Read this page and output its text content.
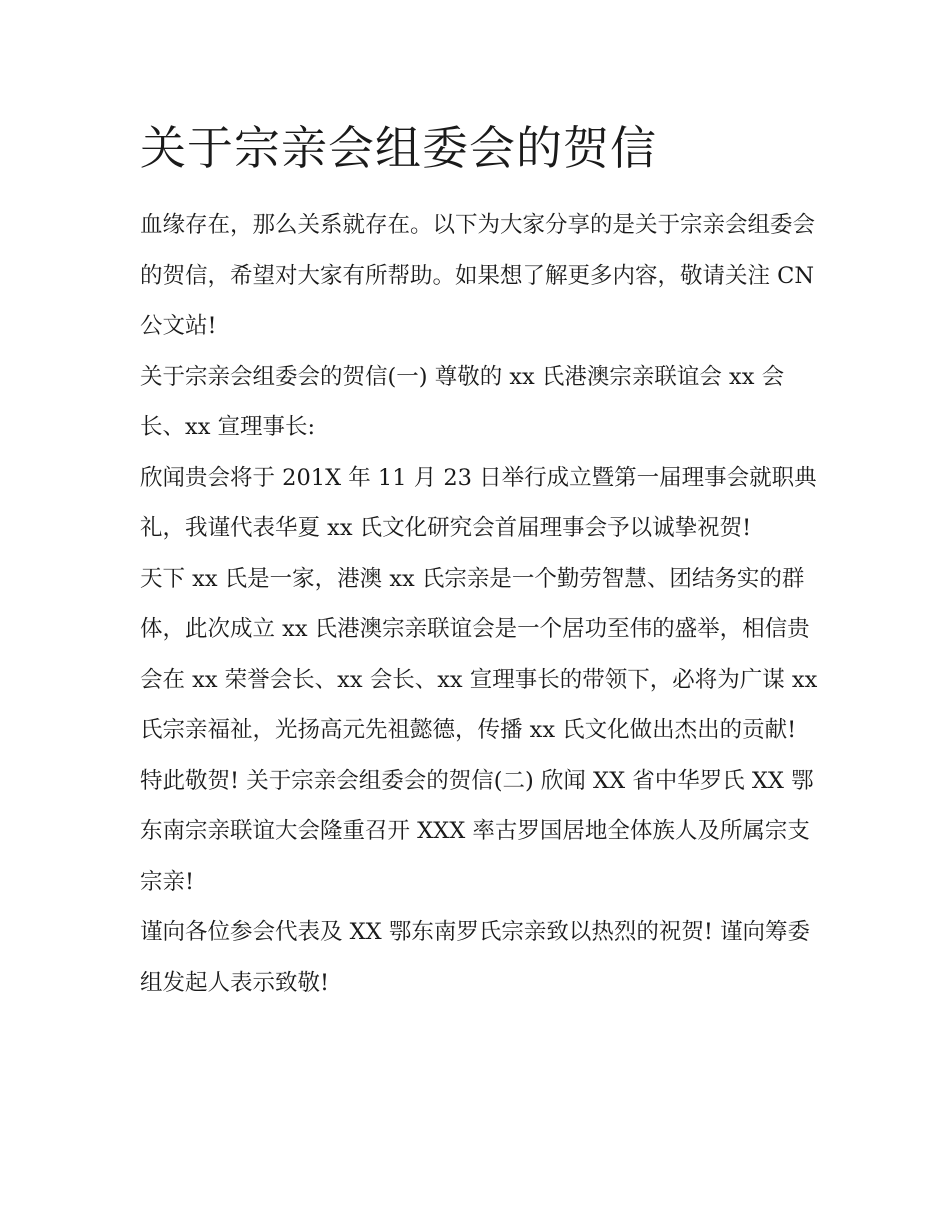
关于宗亲会组委会的贺信

血缘存在，那么关系就存在。以下为大家分享的是关于宗亲会组委会的贺信，希望对大家有所帮助。如果想了解更多内容，敬请关注 CN 公文站!

关于宗亲会组委会的贺信(一) 尊敬的 xx 氏港澳宗亲联谊会 xx 会长、xx 宣理事长:

欣闻贵会将于 201X 年 11 月 23 日举行成立暨第一届理事会就职典礼，我谨代表华夏 xx 氏文化研究会首届理事会予以诚挚祝贺!

天下 xx 氏是一家，港澳 xx 氏宗亲是一个勤劳智慧、团结务实的群体，此次成立 xx 氏港澳宗亲联谊会是一个居功至伟的盛举，相信贵会在 xx 荣誉会长、xx 会长、xx 宣理事长的带领下，必将为广谋 xx 氏宗亲福祉，光扬高元先祖懿德，传播 xx 氏文化做出杰出的贡献!

特此敬贺! 关于宗亲会组委会的贺信(二) 欣闻 XX 省中华罗氏 XX 鄂东南宗亲联谊大会隆重召开 XXX 率古罗国居地全体族人及所属宗支宗亲!

谨向各位参会代表及 XX 鄂东南罗氏宗亲致以热烈的祝贺! 谨向筹委组发起人表示致敬!
